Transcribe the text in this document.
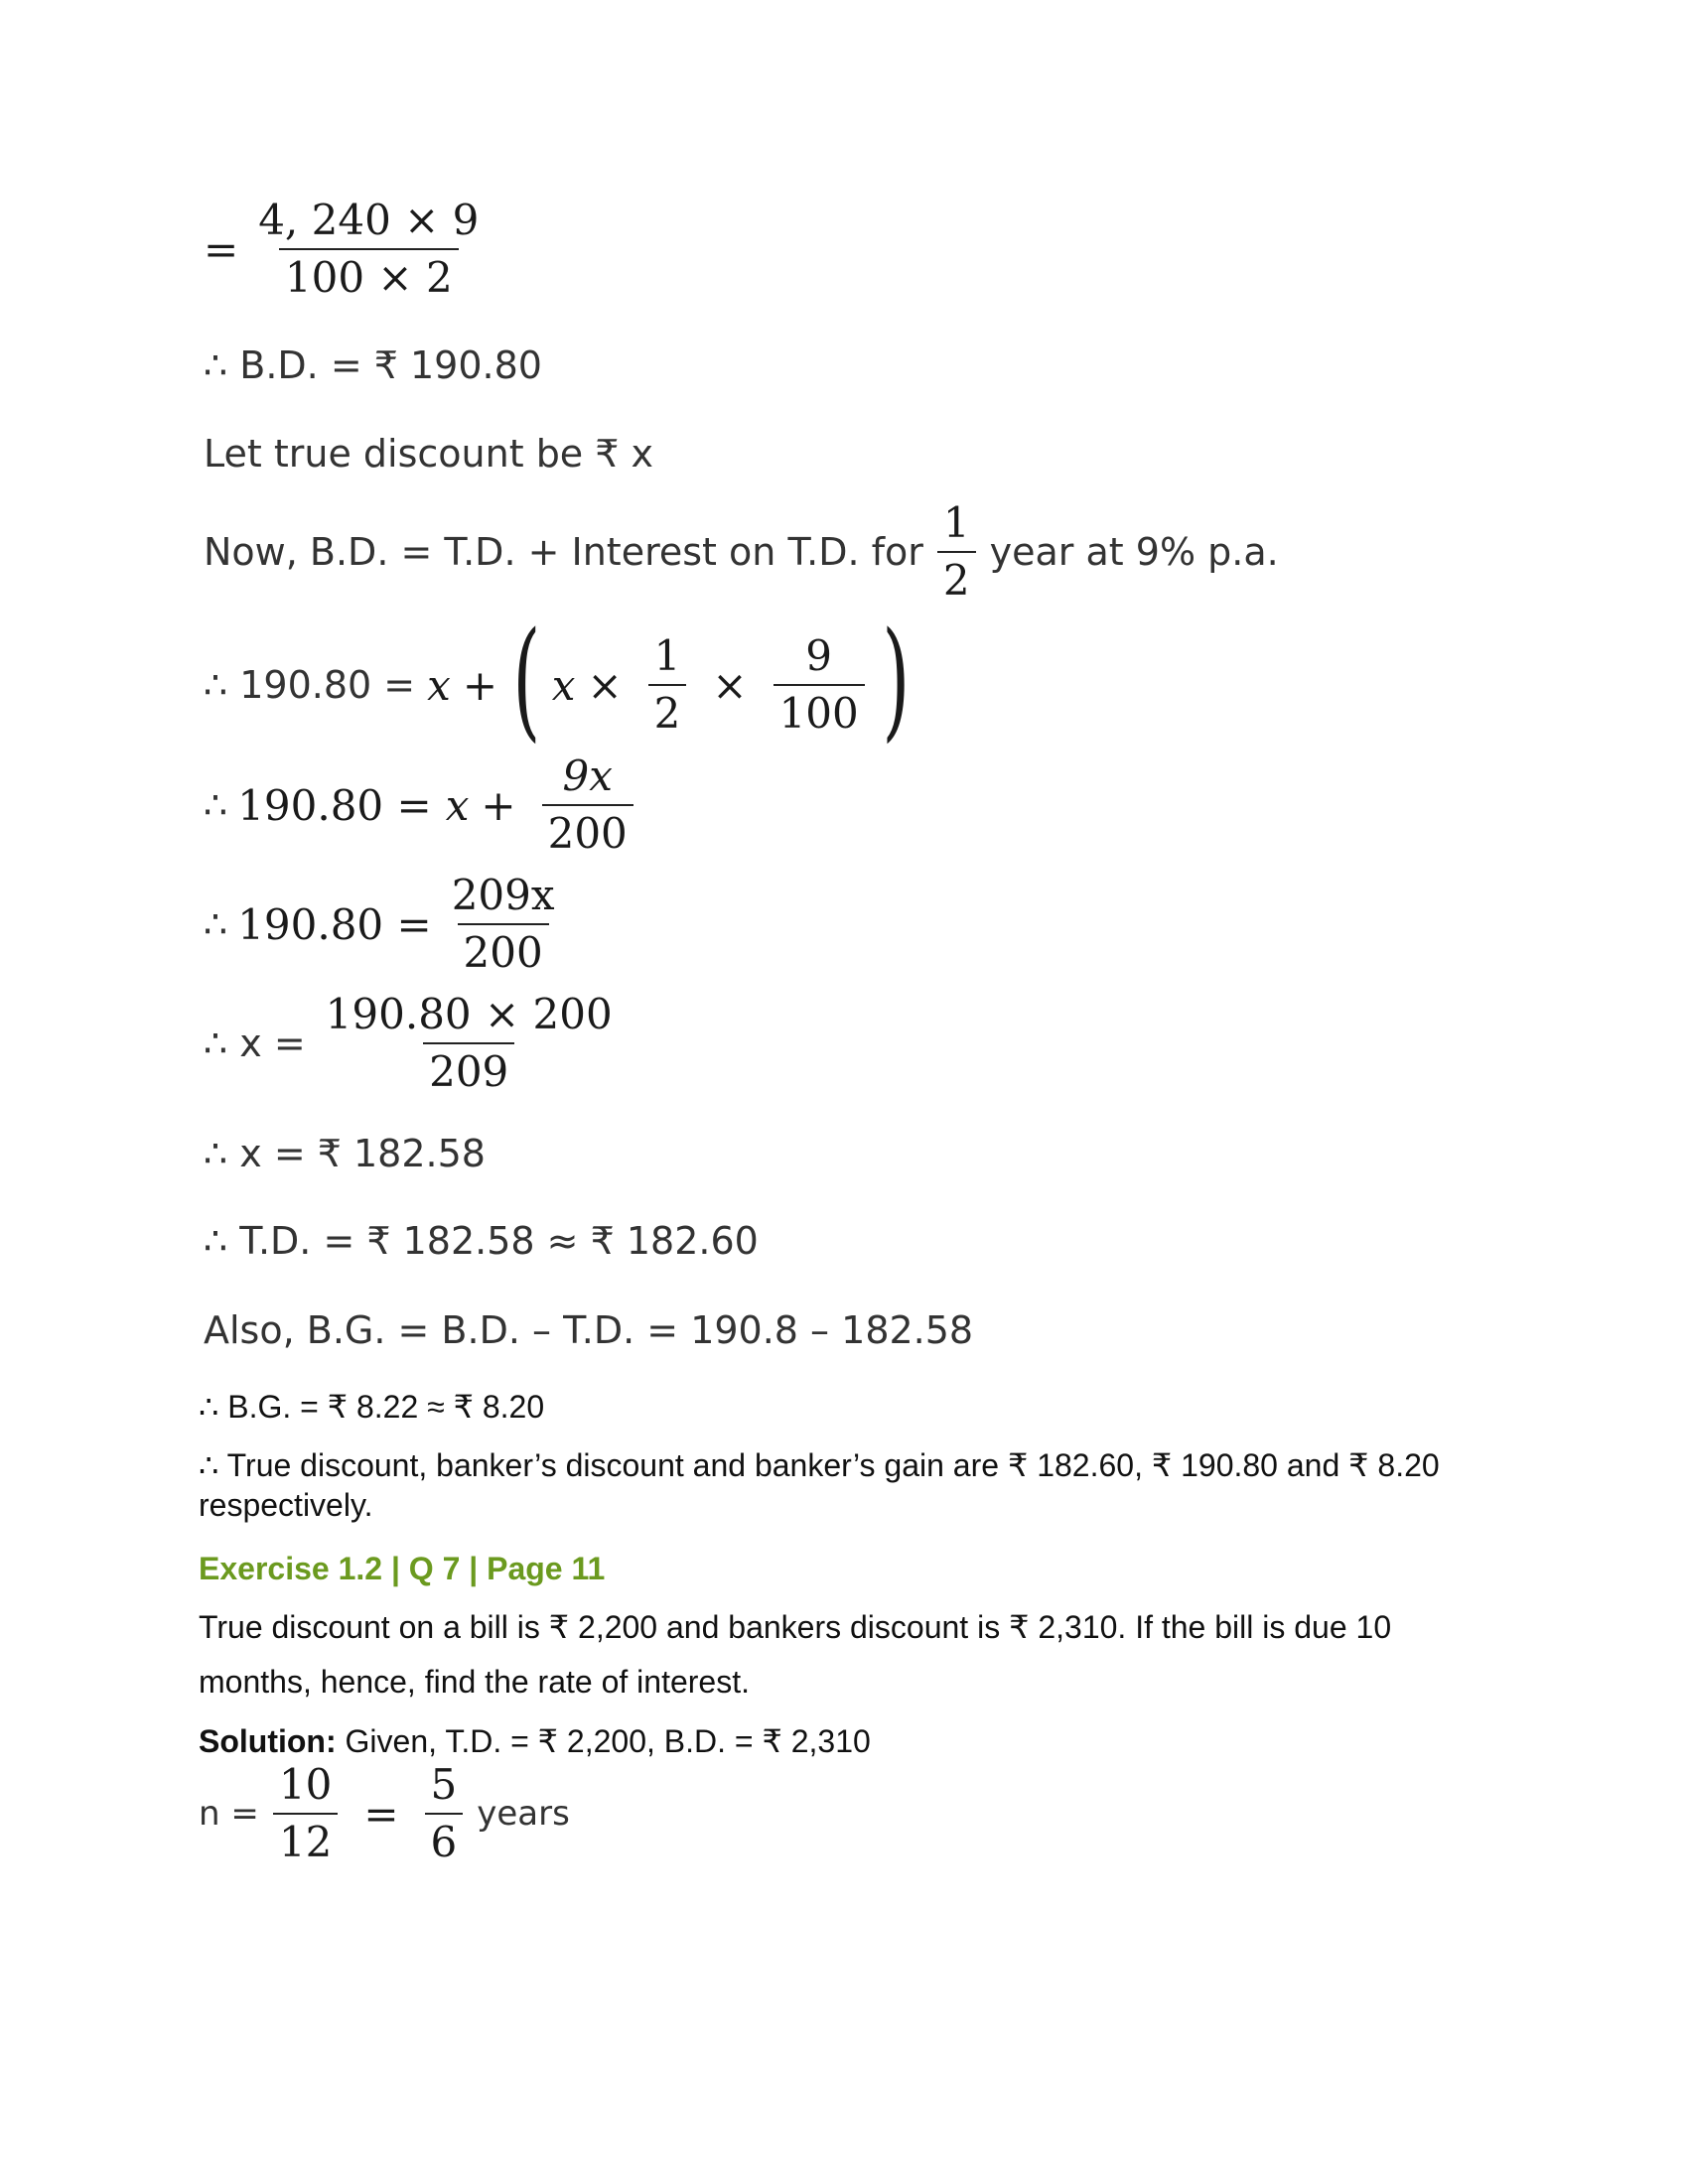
= $\frac{4, 240 \times 9}{100 \times 2}$
∴ B.D. = ₹ 190.80
Let true discount be ₹ x
Now, B.D. = T.D. + Interest on T.D. for $\frac{1}{2}$ year at 9% p.a.
∴ 190.80 = x + ( $x \times \frac{1}{2} \times \frac{9}{100}$ )
∴ $190.80 = x + \frac{9x}{200}$
∴ $190.80 = \frac{209x}{200}$
∴ $x = \frac{190.80 \times 200}{209}$
∴ x = ₹ 182.58
∴ T.D. = ₹ 182.58 ≈ ₹ 182.60
Also, B.G. = B.D. – T.D. = 190.8 – 182.58
∴ B.G. = ₹ 8.22 ≈ ₹ 8.20
∴ True discount, banker’s discount and banker’s gain are ₹ 182.60, ₹ 190.80 and ₹ 8.20 respectively.
Exercise 1.2 | Q 7 | Page 11
True discount on a bill is ₹ 2,200 and bankers discount is ₹ 2,310. If the bill is due 10 months, hence, find the rate of interest.
Solution: Given, T.D. = ₹ 2,200, B.D. = ₹ 2,310
$n = \frac{10}{12} = \frac{5}{6}$ years
